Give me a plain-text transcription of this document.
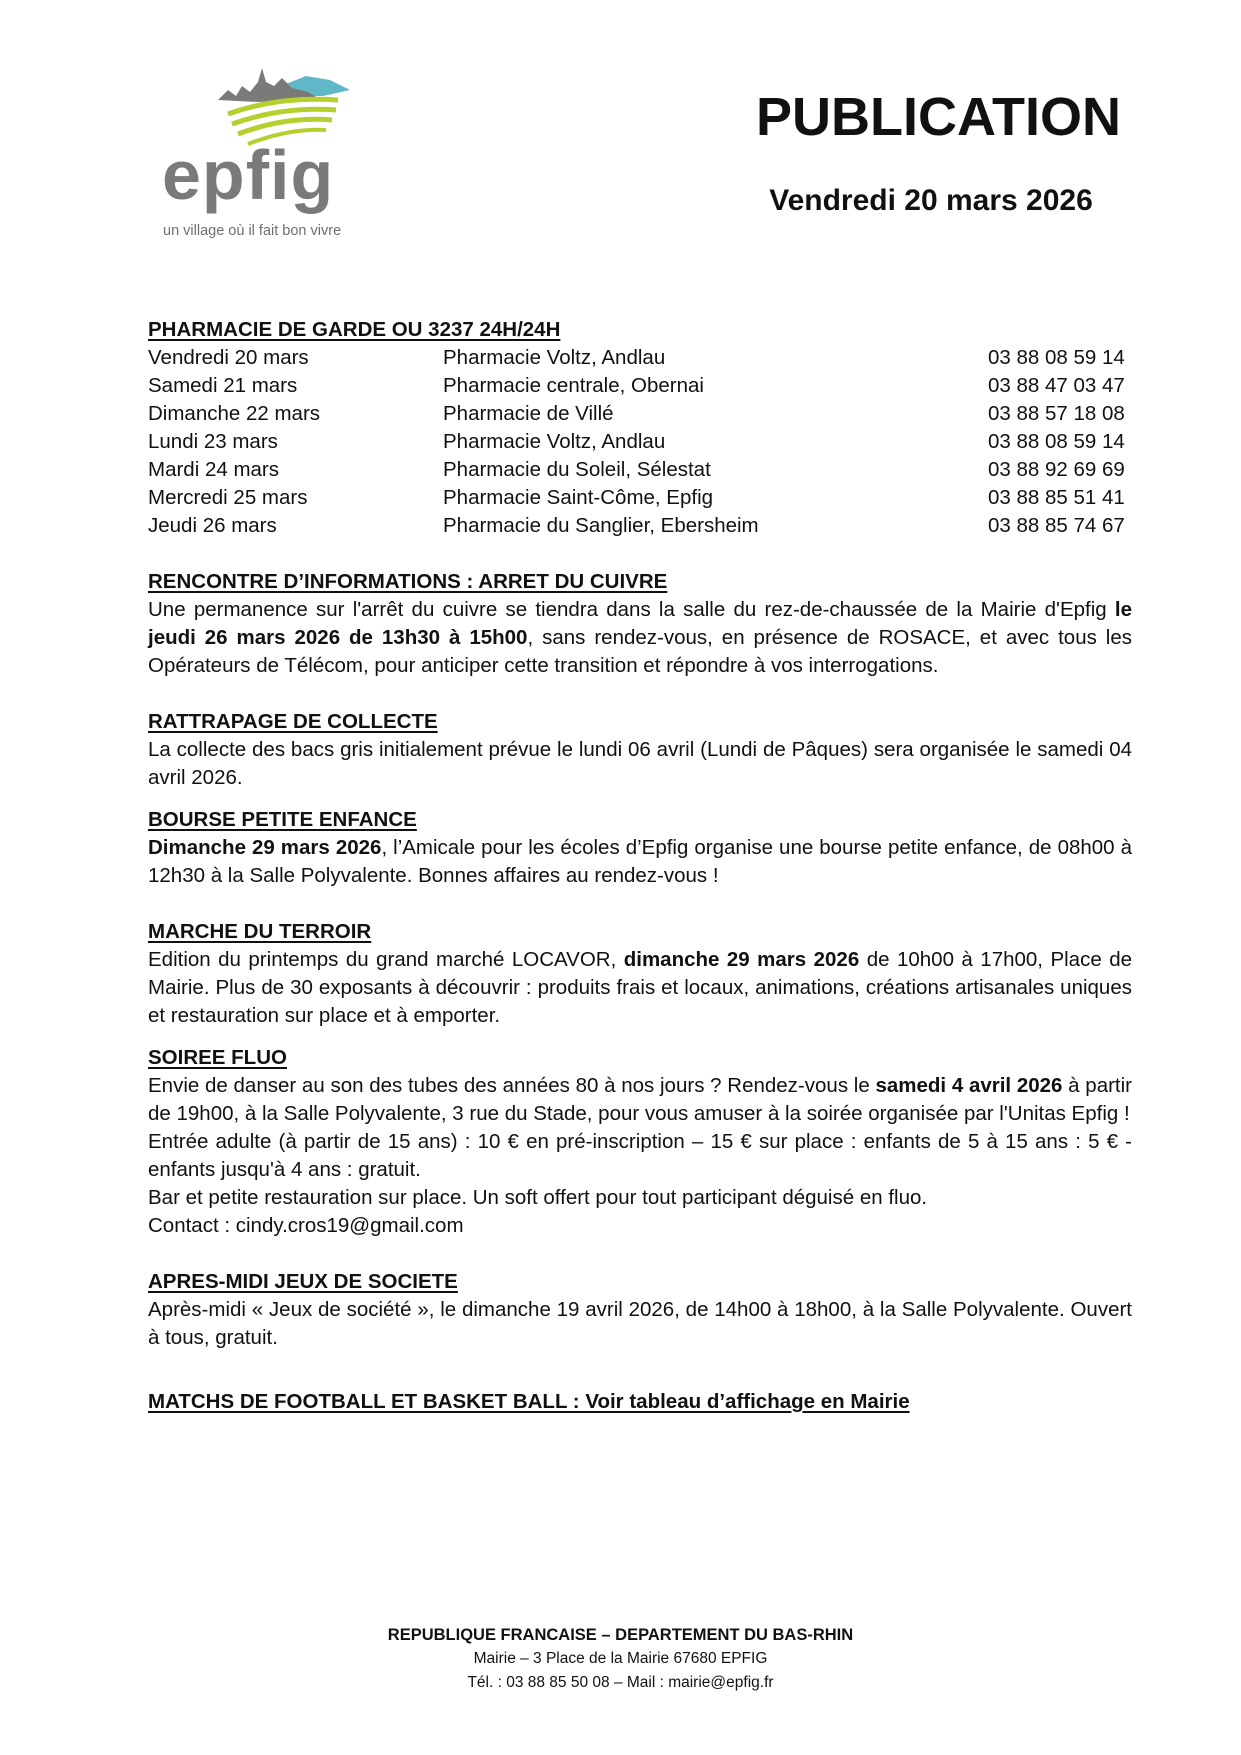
epfig
un village où il fait bon vivre
PUBLICATION
Vendredi 20 mars 2026
PHARMACIE DE GARDE OU 3237 24H/24H
Vendredi 20 mars	Pharmacie Voltz, Andlau	03 88 08 59 14
Samedi 21 mars	Pharmacie centrale, Obernai	03 88 47 03 47
Dimanche 22 mars	Pharmacie de Villé	03 88 57 18 08
Lundi 23 mars	Pharmacie Voltz, Andlau	03 88 08 59 14
Mardi 24 mars	Pharmacie du Soleil, Sélestat	03 88 92 69 69
Mercredi 25 mars	Pharmacie Saint-Côme, Epfig	03 88 85 51 41
Jeudi 26 mars	Pharmacie du Sanglier, Ebersheim	03 88 85 74 67
RENCONTRE D’INFORMATIONS : ARRET DU CUIVRE

Une permanence sur l'arrêt du cuivre se tiendra dans la salle du rez-de-chaussée de la Mairie d'Epfig le jeudi 26 mars 2026 de 13h30 à 15h00, sans rendez-vous, en présence de ROSACE, et avec tous les Opérateurs de Télécom, pour anticiper cette transition et répondre à vos interrogations.

RATTRAPAGE DE COLLECTE

La collecte des bacs gris initialement prévue le lundi 06 avril (Lundi de Pâques) sera organisée le samedi 04 avril 2026.

BOURSE PETITE ENFANCE

Dimanche 29 mars 2026, l’Amicale pour les écoles d’Epfig organise une bourse petite enfance, de 08h00 à 12h30 à la Salle Polyvalente. Bonnes affaires au rendez-vous !

MARCHE DU TERROIR

Edition du printemps du grand marché LOCAVOR, dimanche 29 mars 2026 de 10h00 à 17h00, Place de Mairie. Plus de 30 exposants à découvrir : produits frais et locaux, animations, créations artisanales uniques et restauration sur place et à emporter.

SOIREE FLUO

Envie de danser au son des tubes des années 80 à nos jours ? Rendez-vous le samedi 4 avril 2026 à partir de 19h00, à la Salle Polyvalente, 3 rue du Stade, pour vous amuser à la soirée organisée par l'Unitas Epfig !

Entrée adulte (à partir de 15 ans) : 10 € en pré-inscription – 15 € sur place : enfants de 5 à 15 ans : 5 € - enfants jusqu'à 4 ans : gratuit.

Bar et petite restauration sur place. Un soft offert pour tout participant déguisé en fluo.

Contact : cindy.cros19@gmail.com

APRES-MIDI JEUX DE SOCIETE

Après-midi « Jeux de société », le dimanche 19 avril 2026, de 14h00 à 18h00, à la Salle Polyvalente. Ouvert à tous, gratuit.

MATCHS DE FOOTBALL ET BASKET BALL : Voir tableau d’affichage en Mairie
REPUBLIQUE FRANCAISE – DEPARTEMENT DU BAS-RHIN
Mairie – 3 Place de la Mairie 67680 EPFIG
Tél. : 03 88 85 50 08 – Mail : mairie@epfig.fr
